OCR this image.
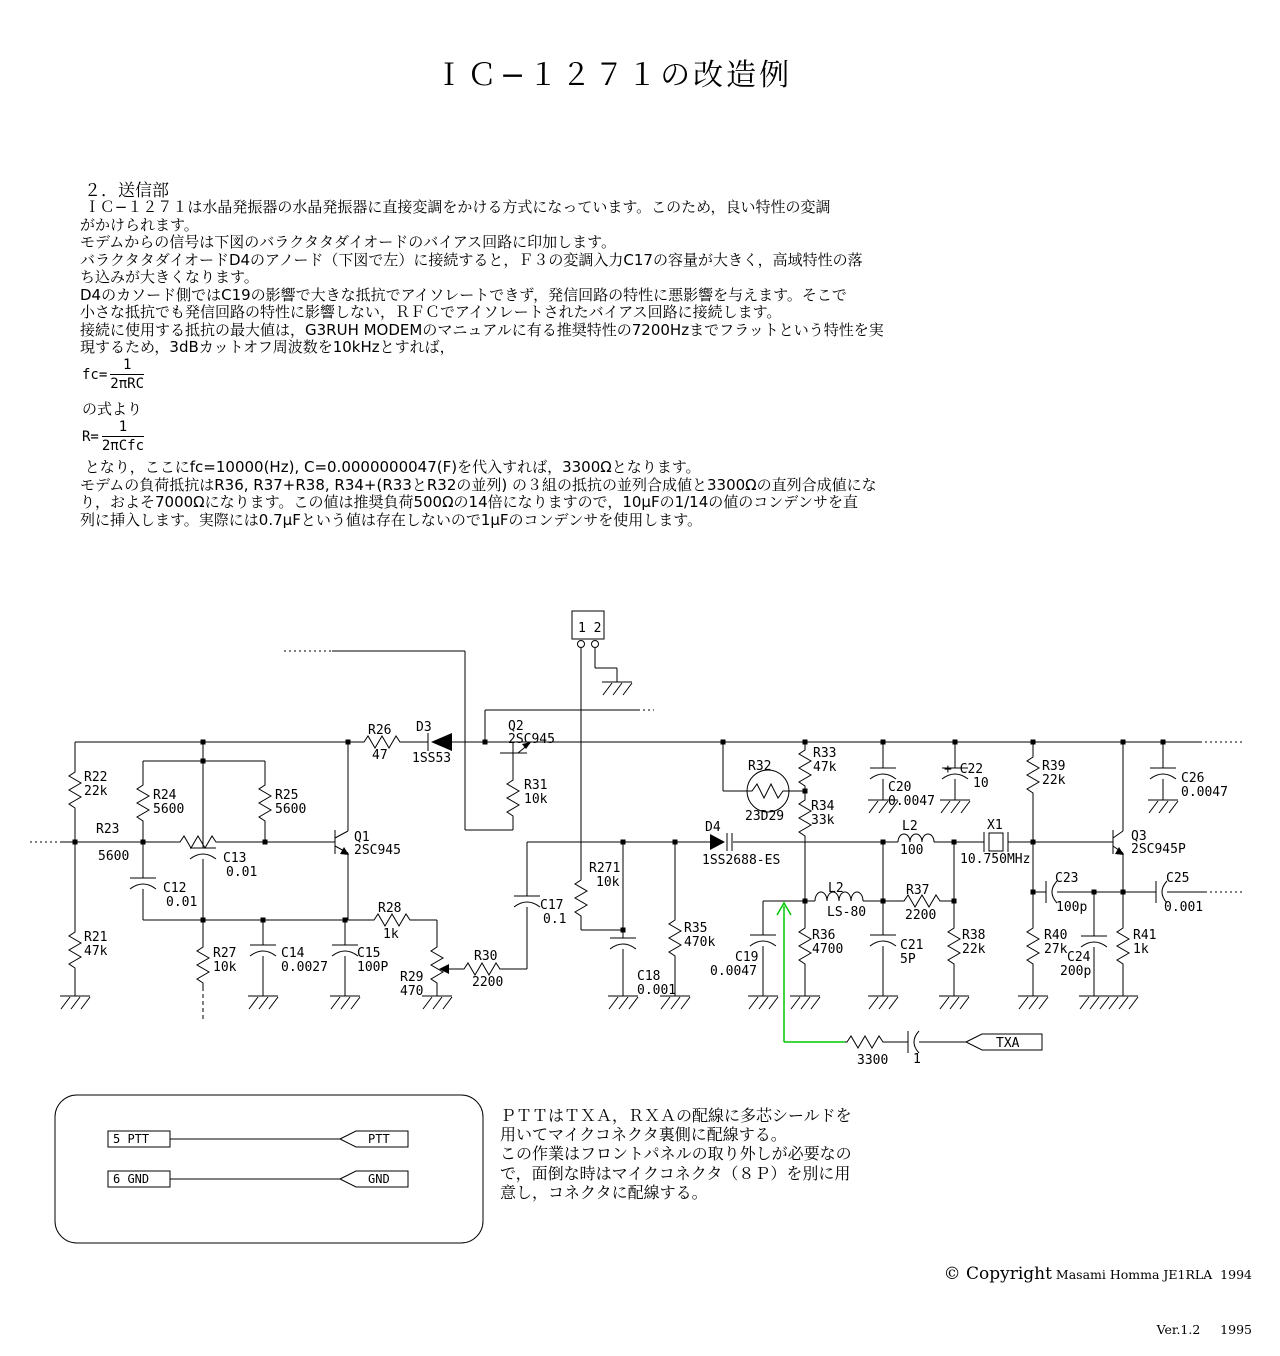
ＩＣ−１２７１の改造例
２．送信部
ＩＣ−１２７１は水晶発振器の水晶発振器に直接変調をかける方式になっています。このため，良い特性の変調
がかけられます。
モデムからの信号は下図のバラクタタダイオードのバイアス回路に印加します。
バラクタタダイオードD4のアノード（下図で左）に接続すると，Ｆ３の変調入力C17の容量が大きく，高域特性の落
ち込みが大きくなります。
D4のカソード側ではC19の影響で大きな抵抗でアイソレートできず，発信回路の特性に悪影響を与えます。そこで
小さな抵抗でも発信回路の特性に影響しない，ＲＦＣでアイソレートされたバイアス回路に接続します。
接続に使用する抵抗の最大値は，G3RUH MODEMのマニュアルに有る推奨特性の7200Hzまでフラットという特性を実
現するため，3dBカットオフ周波数を10kHzとすれば，
$fc= \frac{1}{\text{2πRC}}$
の式より
$R= \frac{1}{\text{2πCfc}}$
となり，ここにfc=10000(Hz), C=0.0000000047(F)を代入すれば，3300Ωとなります。
モデムの負荷抵抗はR36, R37+R38, R34+(R33とR32の並列) の３組の抵抗の並列合成値と3300Ωの直列合成値にな
り，およそ7000Ωになります。この値は推奨負荷500Ωの14倍になりますので，10μFの1/14の値のコンデンサを直
列に挿入します。実際には0.7μFという値は存在しないので1μFのコンデンサを使用します。
1 2
TXA
5 PTT	PTT
6 GND	GND
R22
22k
R23
5600
R24
5600
R25
5600
C12
0.01
C13
0.01
R21
47k	R27
10k
C14
0.0027
C15
100P
R28
1k
R29
470
R30
2200
C17
0.1
Q1
2SC945
R26
47
D3
1SS53
Q2
2SC945
R31
10k
R271
10k
C18
0.001
R35
470k
D4
1SS2688-ES
R32
23D29
R33
47k
R34
33k
C20
0.0047
+ C22
10
R39
22k	C26
0.0047
L2
100
X1
10.750MHz
Q3
2SC945P
L2
LS-80
R36
4700
R37
2200
C21
5P
R38
22k
C19
0.0047
C23
100p
R40
27k
C24
200p
R41
1k
C25
0.001
3300 1
ＰＴＴはＴＸＡ，ＲＸＡの配線に多芯シールドを
用いてマイクコネクタ裏側に配線する。
この作業はフロントパネルの取り外しが必要なの
で，面倒な時はマイクコネクタ（８Ｐ）を別に用
意し，コネクタに配線する。

© Copyright Masami Homma JE1RLA  1994

Ver.1.2     1995
